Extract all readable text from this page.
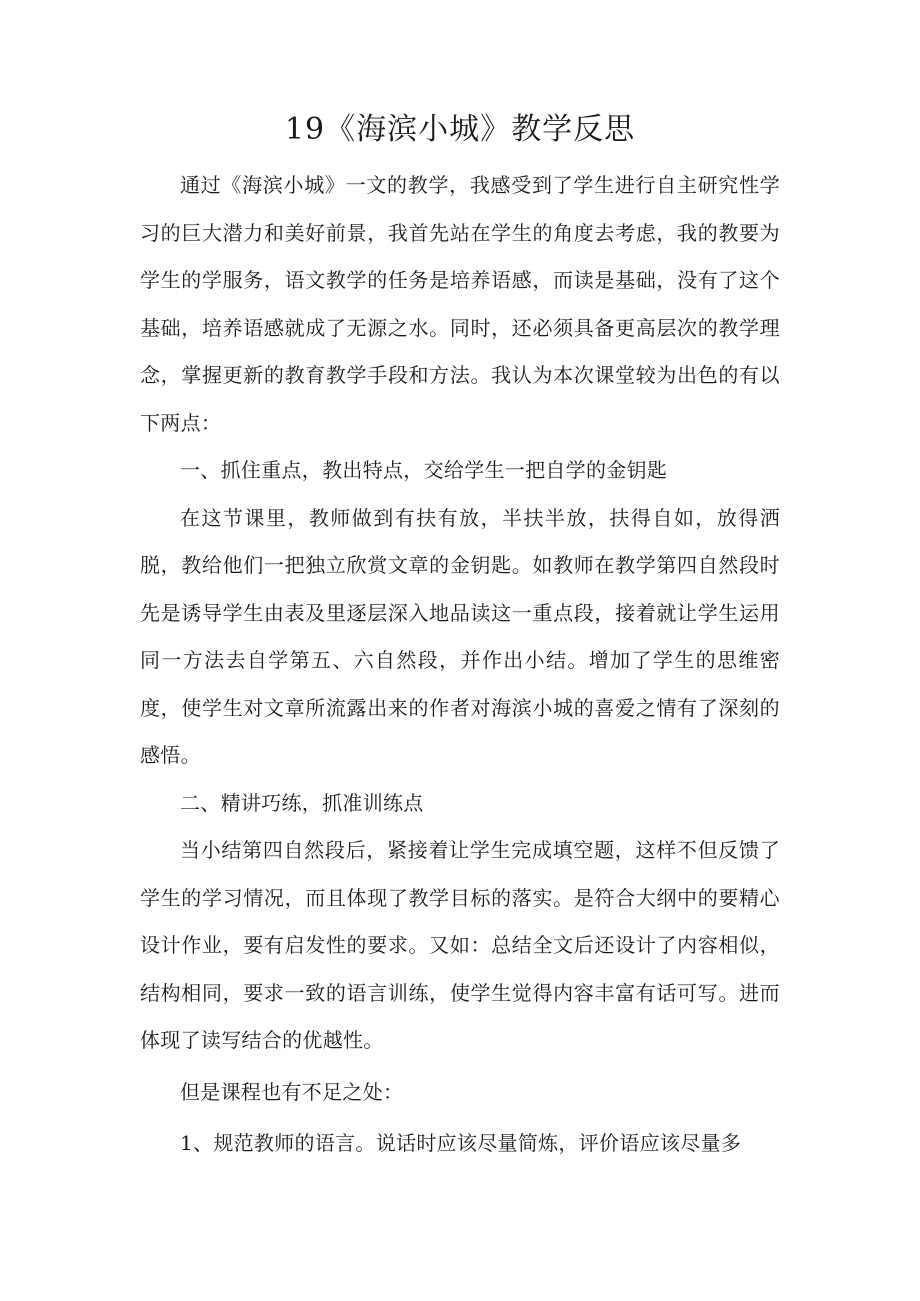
19《海滨小城》教学反思

通过《海滨小城》一文的教学，我感受到了学生进行自主研究性学习的巨大潜力和美好前景，我首先站在学生的角度去考虑，我的教要为学生的学服务，语文教学的任务是培养语感，而读是基础，没有了这个基础，培养语感就成了无源之水。同时，还必须具备更高层次的教学理念，掌握更新的教育教学手段和方法。我认为本次课堂较为出色的有以下两点：

一、抓住重点，教出特点，交给学生一把自学的金钥匙

在这节课里，教师做到有扶有放，半扶半放，扶得自如，放得洒脱，教给他们一把独立欣赏文章的金钥匙。如教师在教学第四自然段时先是诱导学生由表及里逐层深入地品读这一重点段，接着就让学生运用同一方法去自学第五、六自然段，并作出小结。增加了学生的思维密度，使学生对文章所流露出来的作者对海滨小城的喜爱之情有了深刻的感悟。

二、精讲巧练，抓准训练点

当小结第四自然段后，紧接着让学生完成填空题，这样不但反馈了学生的学习情况，而且体现了教学目标的落实。是符合大纲中的要精心设计作业，要有启发性的要求。又如：总结全文后还设计了内容相似，结构相同，要求一致的语言训练，使学生觉得内容丰富有话可写。进而体现了读写结合的优越性。

但是课程也有不足之处：

1、规范教师的语言。说话时应该尽量简炼，评价语应该尽量多
